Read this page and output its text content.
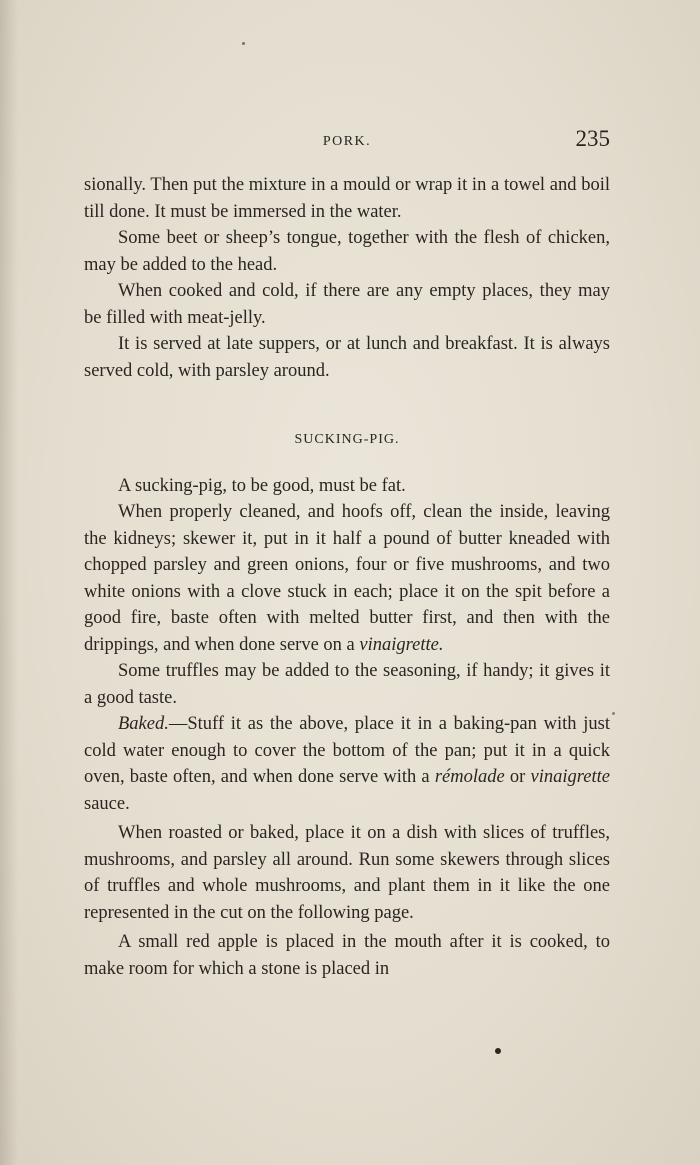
PORK.	235

sionally. Then put the mixture in a mould or wrap it in a towel and boil till done. It must be immersed in the water.

Some beet or sheep’s tongue, together with the flesh of chicken, may be added to the head.

When cooked and cold, if there are any empty places, they may be filled with meat-jelly.

It is served at late suppers, or at lunch and breakfast. It is always served cold, with parsley around.

SUCKING-PIG.

A sucking-pig, to be good, must be fat.

When properly cleaned, and hoofs off, clean the inside, leaving the kidneys; skewer it, put in it half a pound of butter kneaded with chopped parsley and green onions, four or five mushrooms, and two white onions with a clove stuck in each; place it on the spit before a good fire, baste often with melted butter first, and then with the drippings, and when done serve on a vinaigrette.

Some truffles may be added to the seasoning, if handy; it gives it a good taste.

Baked.—Stuff it as the above, place it in a baking-pan with just cold water enough to cover the bottom of the pan; put it in a quick oven, baste often, and when done serve with a rémolade or vinaigrette sauce.

When roasted or baked, place it on a dish with slices of truffles, mushrooms, and parsley all around. Run some skewers through slices of truffles and whole mushrooms, and plant them in it like the one represented in the cut on the following page.

A small red apple is placed in the mouth after it is cooked, to make room for which a stone is placed in
